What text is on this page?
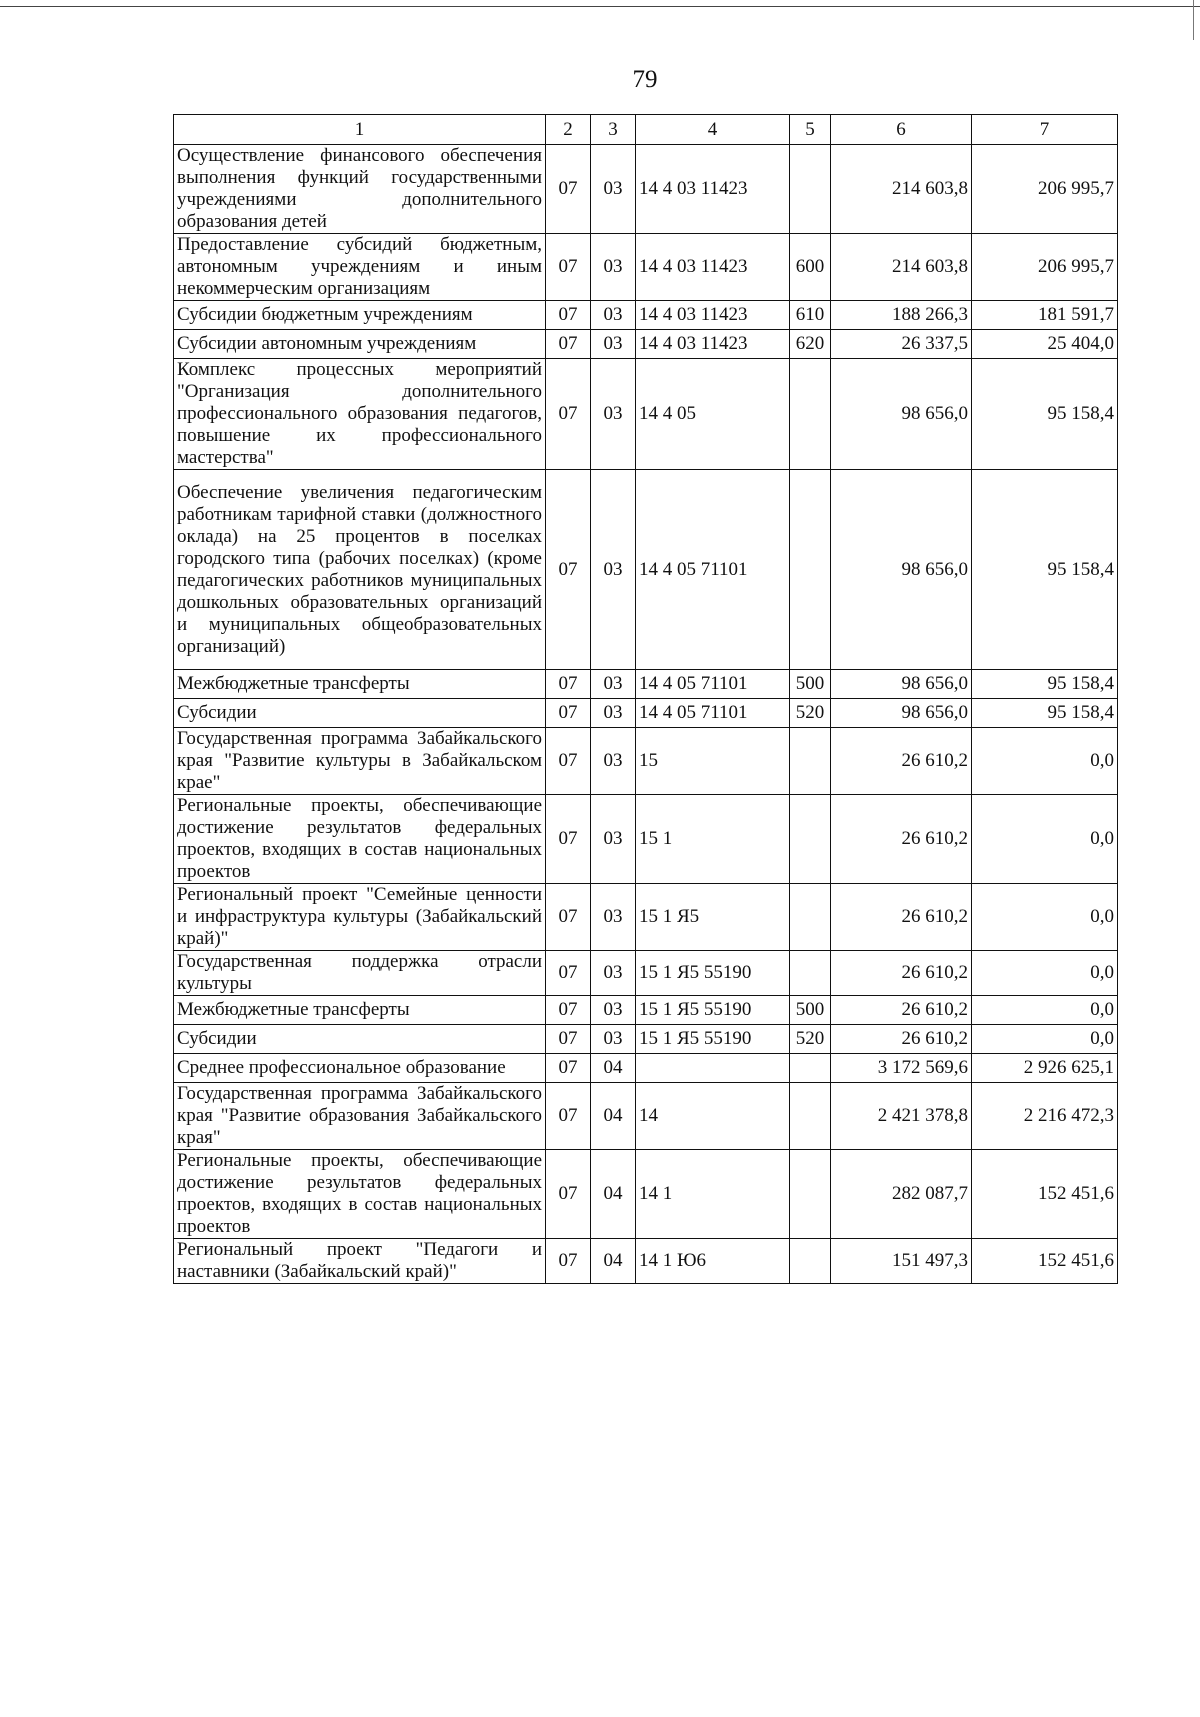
79
1	2	3	4	5	6	7
Осуществление финансового обеспечения выполнения функций государственными учреждениями дополнительного образования детей	07	03	14 4 03 11423		214 603,8	206 995,7
Предоставление субсидий бюджетным, автономным учреждениям и иным некоммерческим организациям	07	03	14 4 03 11423	600	214 603,8	206 995,7
Субсидии бюджетным учреждениям	07	03	14 4 03 11423	610	188 266,3	181 591,7
Субсидии автономным учреждениям	07	03	14 4 03 11423	620	26 337,5	25 404,0
Комплекс процессных мероприятий "Организация дополнительного профессионального образования педагогов, повышение их профессионального мастерства"	07	03	14 4 05		98 656,0	95 158,4
Обеспечение увеличения педагогическим работникам тарифной ставки (должностного оклада) на 25 процентов в поселках городского типа (рабочих поселках) (кроме педагогических работников муниципальных дошкольных образовательных организаций и муниципальных общеобразовательных организаций)	07	03	14 4 05 71101		98 656,0	95 158,4
Межбюджетные трансферты	07	03	14 4 05 71101	500	98 656,0	95 158,4
Субсидии	07	03	14 4 05 71101	520	98 656,0	95 158,4
Государственная программа Забайкальского края "Развитие культуры в Забайкальском крае"	07	03	15		26 610,2	0,0
Региональные проекты, обеспечивающие достижение результатов федеральных проектов, входящих в состав национальных проектов	07	03	15 1		26 610,2	0,0
Региональный проект "Семейные ценности и инфраструктура культуры (Забайкальский край)"	07	03	15 1 Я5		26 610,2	0,0
Государственная поддержка отрасли культуры	07	03	15 1 Я5 55190		26 610,2	0,0
Межбюджетные трансферты	07	03	15 1 Я5 55190	500	26 610,2	0,0
Субсидии	07	03	15 1 Я5 55190	520	26 610,2	0,0
Среднее профессиональное образование	07	04			3 172 569,6	2 926 625,1
Государственная программа Забайкальского края "Развитие образования Забайкальского края"	07	04	14		2 421 378,8	2 216 472,3
Региональные проекты, обеспечивающие достижение результатов федеральных проектов, входящих в состав национальных проектов	07	04	14 1		282 087,7	152 451,6
Региональный проект "Педагоги и наставники (Забайкальский край)"	07	04	14 1 Ю6		151 497,3	152 451,6
